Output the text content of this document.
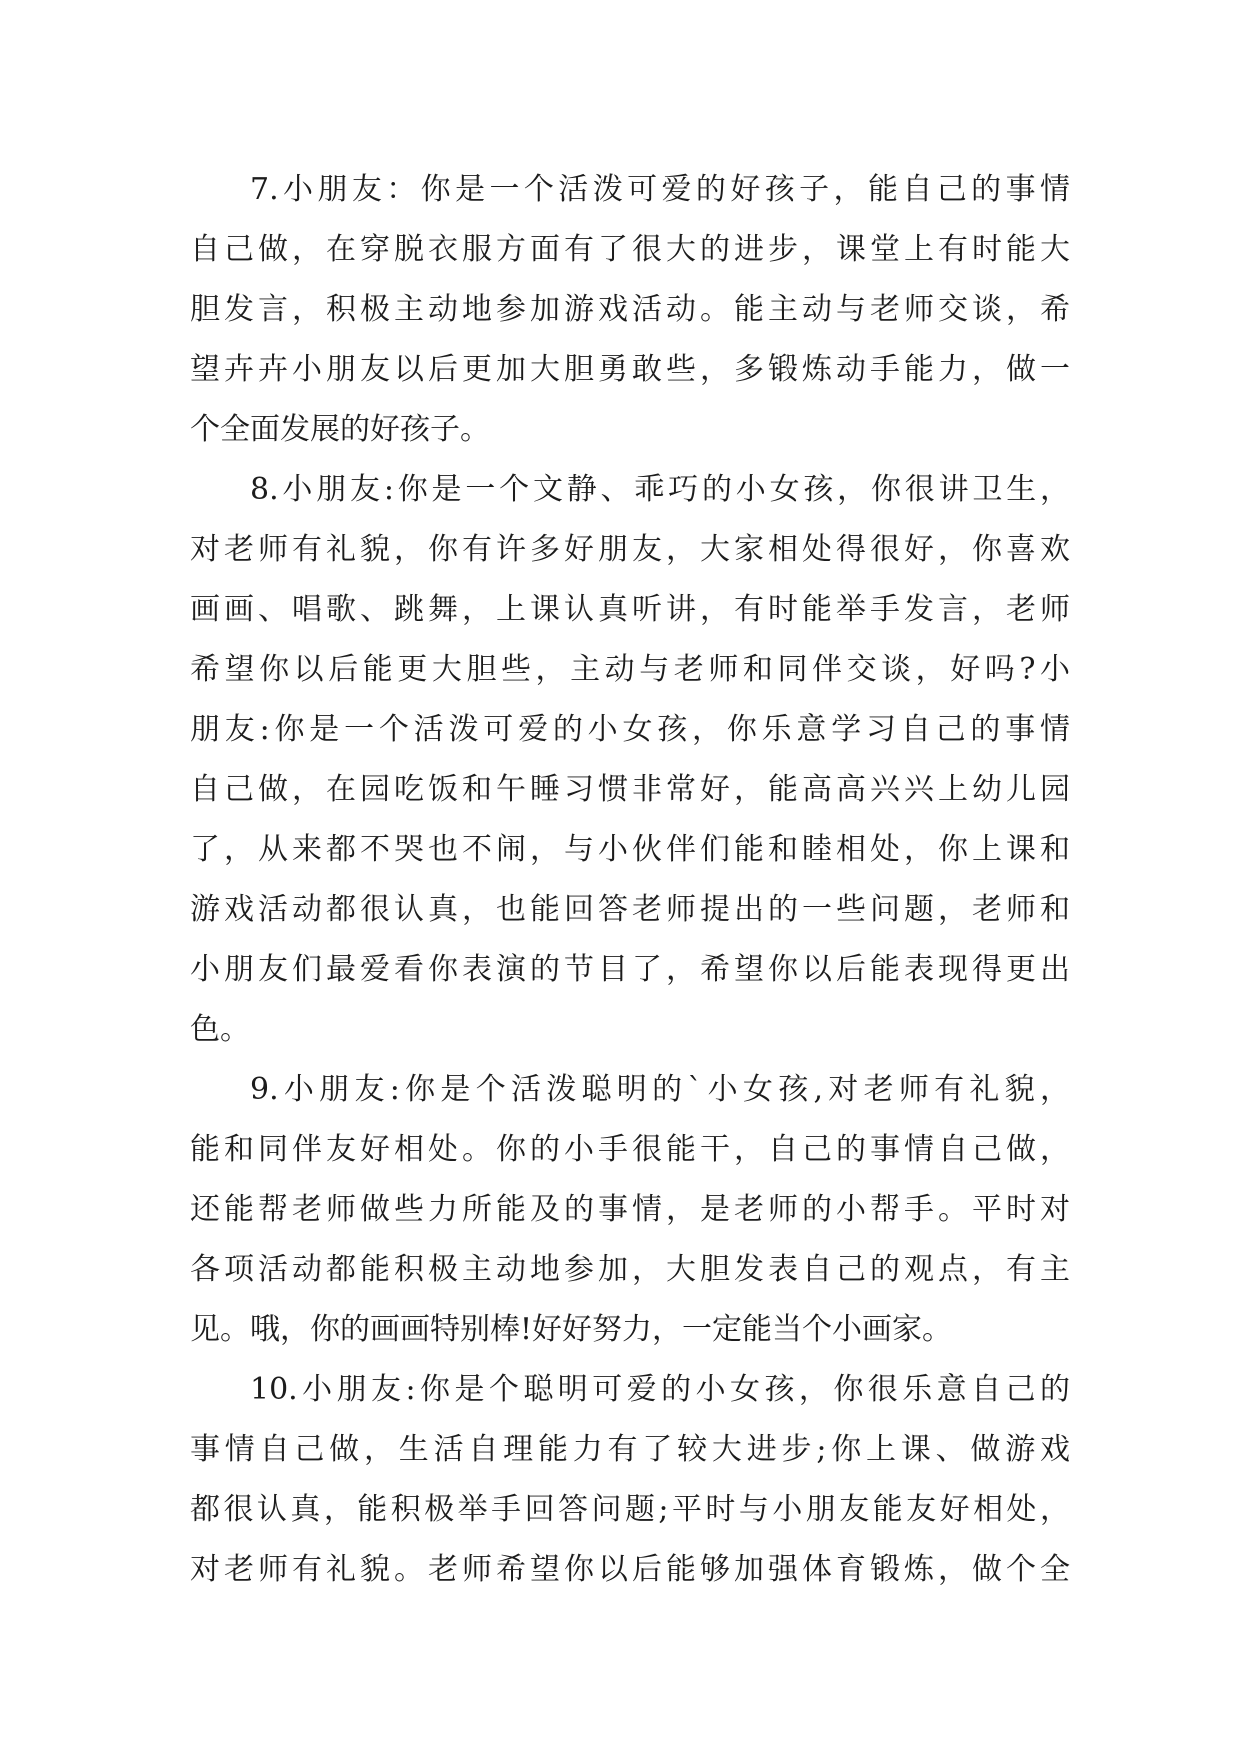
7.小朋友：你是一个活泼可爱的好孩子，能自己的事情
自己做，在穿脱衣服方面有了很大的进步，课堂上有时能大
胆发言，积极主动地参加游戏活动。能主动与老师交谈，希
望卉卉小朋友以后更加大胆勇敢些，多锻炼动手能力，做一
个全面发展的好孩子。
8.小朋友:你是一个文静、乖巧的小女孩，你很讲卫生，
对老师有礼貌，你有许多好朋友，大家相处得很好，你喜欢
画画、唱歌、跳舞，上课认真听讲，有时能举手发言，老师
希望你以后能更大胆些，主动与老师和同伴交谈，好吗?小
朋友:你是一个活泼可爱的小女孩，你乐意学习自己的事情
自己做，在园吃饭和午睡习惯非常好，能高高兴兴上幼儿园
了，从来都不哭也不闹，与小伙伴们能和睦相处，你上课和
游戏活动都很认真，也能回答老师提出的一些问题，老师和
小朋友们最爱看你表演的节目了，希望你以后能表现得更出
色。
9.小朋友:你是个活泼聪明的`小女孩,对老师有礼貌，
能和同伴友好相处。你的小手很能干，自己的事情自己做，
还能帮老师做些力所能及的事情，是老师的小帮手。平时对
各项活动都能积极主动地参加，大胆发表自己的观点，有主
见。哦，你的画画特别棒!好好努力，一定能当个小画家。
10.小朋友:你是个聪明可爱的小女孩，你很乐意自己的
事情自己做，生活自理能力有了较大进步;你上课、做游戏
都很认真，能积极举手回答问题;平时与小朋友能友好相处，
对老师有礼貌。老师希望你以后能够加强体育锻炼，做个全
